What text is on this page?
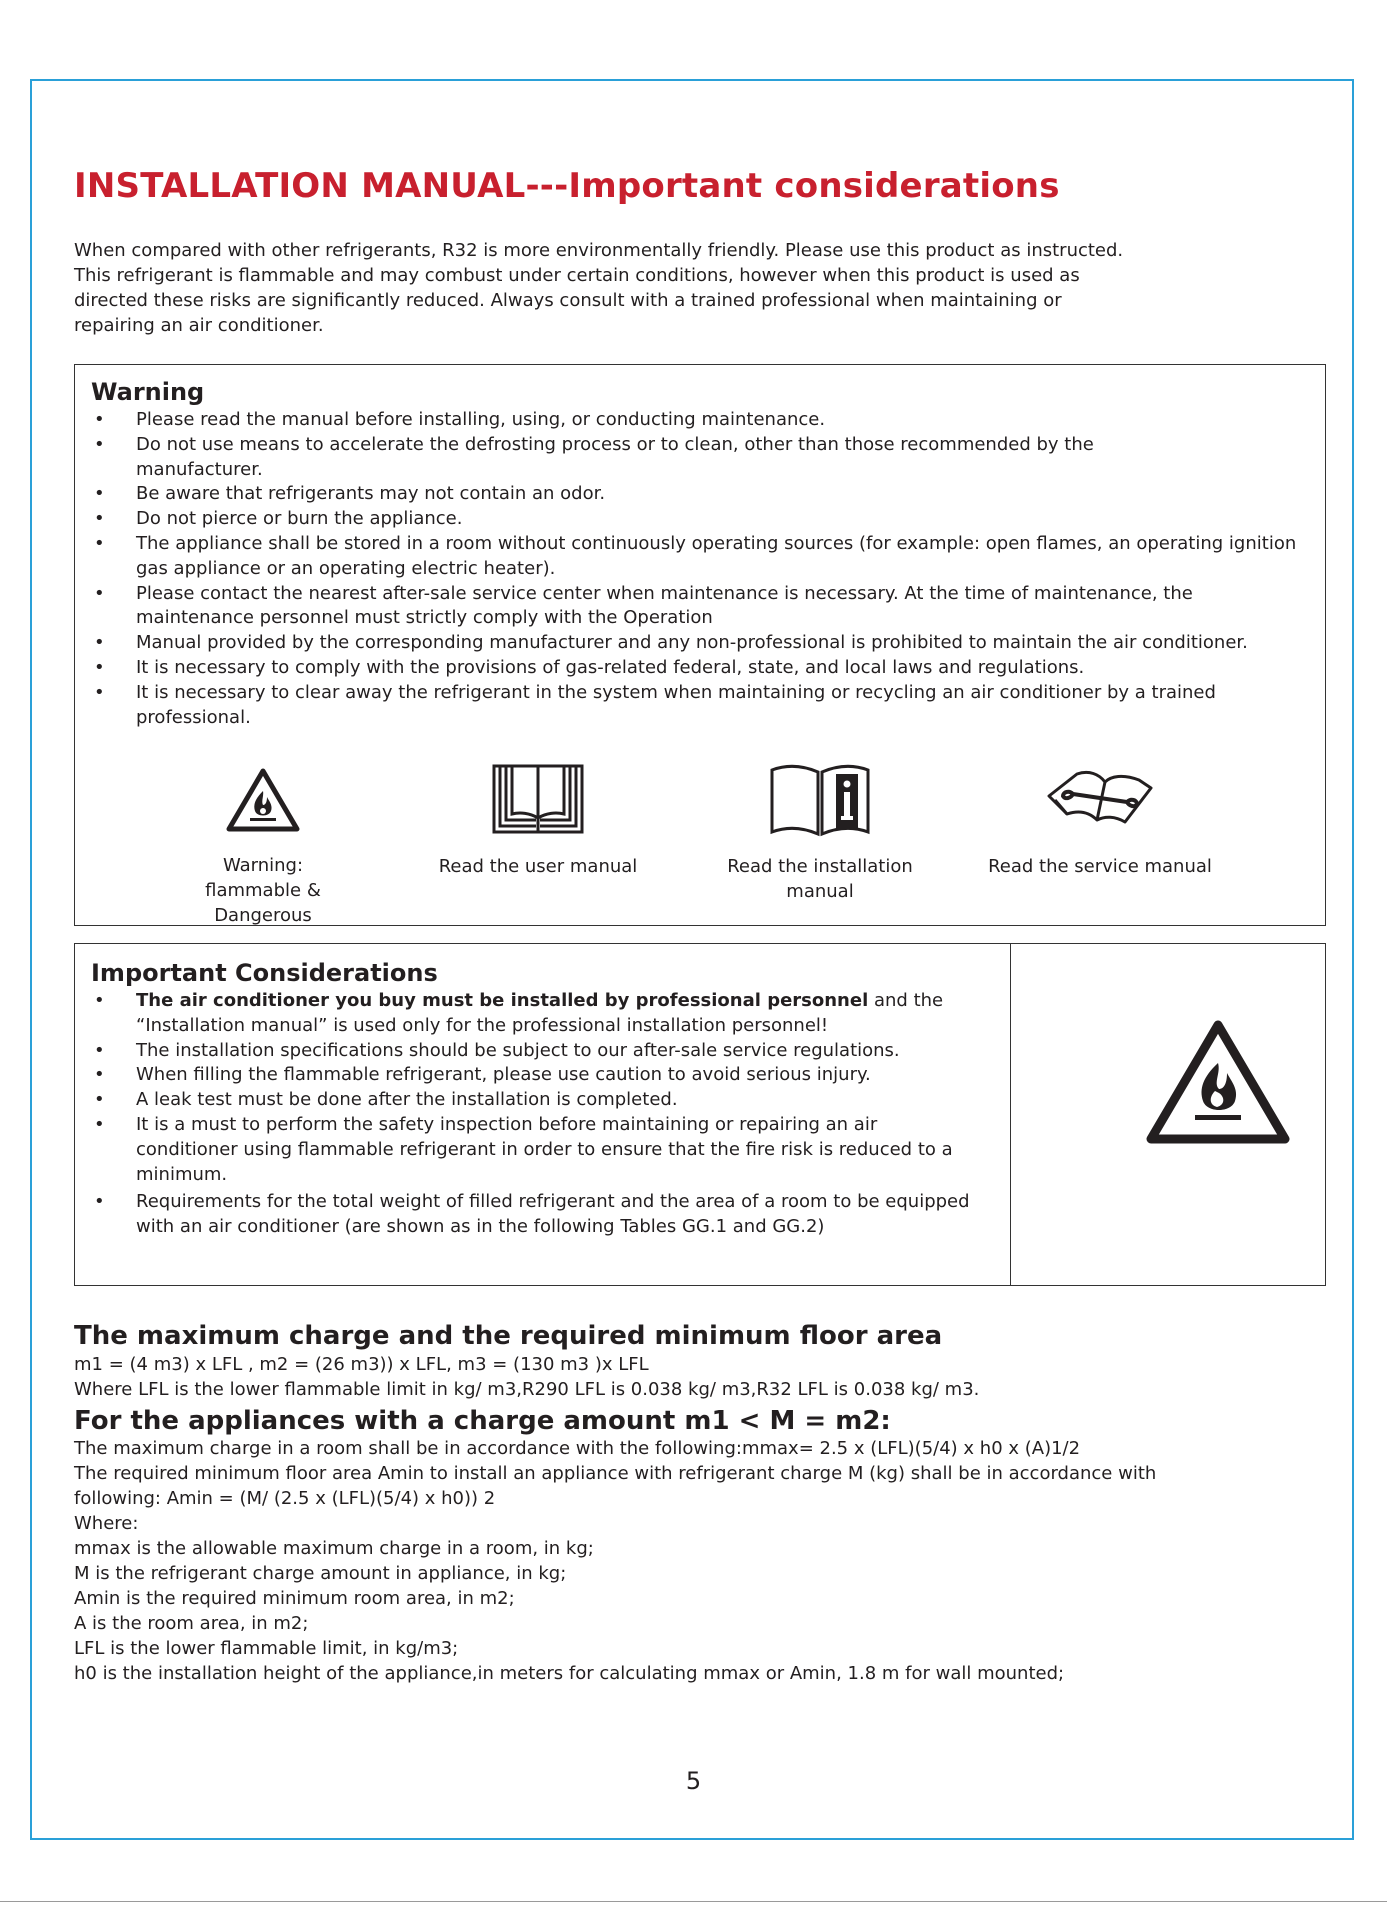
INSTALLATION MANUAL---Important considerations

When compared with other refrigerants, R32 is more environmentally friendly. Please use this product as instructed. This refrigerant is flammable and may combust under certain conditions, however when this product is used as directed these risks are significantly reduced. Always consult with a trained professional when maintaining or repairing an air conditioner.

Warning
• Please read the manual before installing, using, or conducting maintenance.
• Do not use means to accelerate the defrosting process or to clean, other than those recommended by the manufacturer.
• Be aware that refrigerants may not contain an odor.
• Do not pierce or burn the appliance.
• The appliance shall be stored in a room without continuously operating sources (for example: open flames, an operating ignition gas appliance or an operating electric heater).
• Please contact the nearest after-sale service center when maintenance is necessary. At the time of maintenance, the maintenance personnel must strictly comply with the Operation
• Manual provided by the corresponding manufacturer and any non-professional is prohibited to maintain the air conditioner.
• It is necessary to comply with the provisions of gas-related federal, state, and local laws and regulations.
• It is necessary to clear away the refrigerant in the system when maintaining or recycling an air conditioner by a trained professional.
Warning: flammable & Dangerous
Read the user manual	Read the installation manual
Read the service manual
Important Considerations
• The air conditioner you buy must be installed by professional personnel and the “Installation manual” is used only for the professional installation personnel!
• The installation specifications should be subject to our after-sale service regulations.
• When filling the flammable refrigerant, please use caution to avoid serious injury.
• A leak test must be done after the installation is completed.
• It is a must to perform the safety inspection before maintaining or repairing an air conditioner using flammable refrigerant in order to ensure that the fire risk is reduced to a minimum.
• Requirements for the total weight of filled refrigerant and the area of a room to be equipped with an air conditioner (are shown as in the following Tables GG.1 and GG.2)
The maximum charge and the required minimum floor area

m1 = (4 m3) x LFL , m2 = (26 m3)) x LFL, m3 = (130 m3 )x LFL

Where LFL is the lower flammable limit in kg/ m3,R290 LFL is 0.038 kg/ m3,R32 LFL is 0.038 kg/ m3.

For the appliances with a charge amount m1 < M = m2:

The maximum charge in a room shall be in accordance with the following:mmax= 2.5 x (LFL)(5/4) x h0 x (A)1/2

The required minimum floor area Amin to install an appliance with refrigerant charge M (kg) shall be in accordance with

following: Amin = (M/ (2.5 x (LFL)(5/4) x h0)) 2

Where:

mmax is the allowable maximum charge in a room, in kg;

M is the refrigerant charge amount in appliance, in kg;

Amin is the required minimum room area, in m2;

A is the room area, in m2;

LFL is the lower flammable limit, in kg/m3;

h0 is the installation height of the appliance,in meters for calculating mmax or Amin, 1.8 m for wall mounted;

5
